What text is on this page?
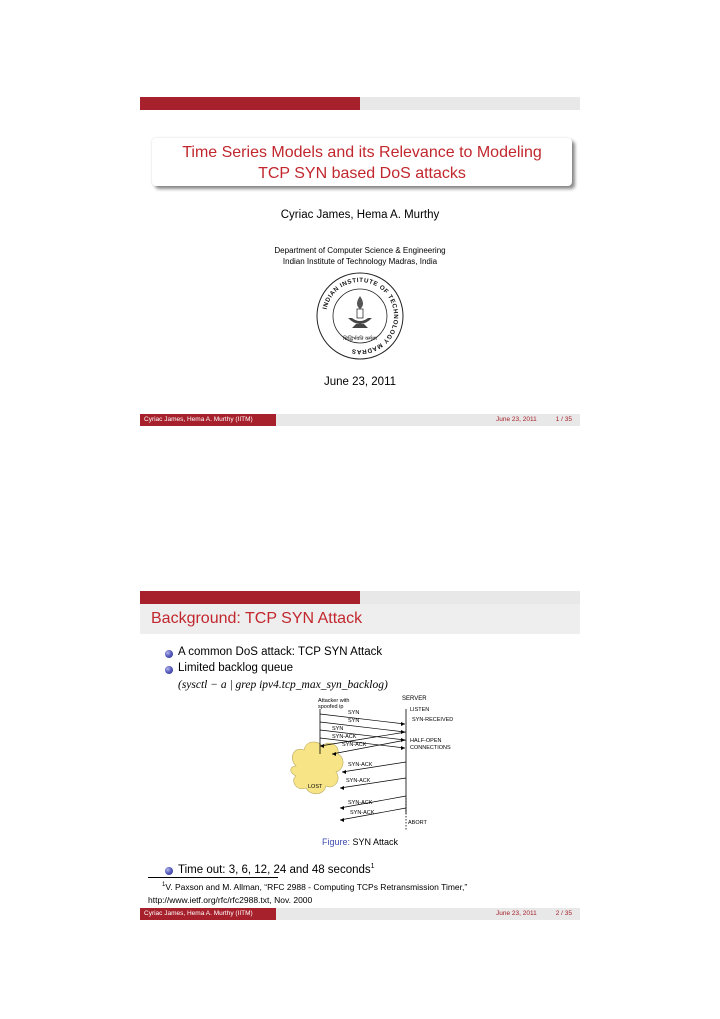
Time Series Models and its Relevance to Modeling
TCP SYN based DoS attacks
Cyriac James, Hema A. Murthy
Department of Computer Science & Engineering
Indian Institute of Technology Madras, India
INDIAN INSTITUTE OF TECHNOLOGY MADRAS
सिद्धिर्भवति कर्मजा
June 23, 2011
Cyriac James, Hema A. Murthy (IITM)	June 23, 2011	1 / 35
Background: TCP SYN Attack
A common DoS attack: TCP SYN Attack
Limited backlog queue
(sysctl − a | grep ipv4.tcp_max_syn_backlog)
Attacker with
spoofed ip
SERVER
LISTEN
SYN
SYN	SYN-RECEIVED
SYN
SYN-ACK
SYN-ACK
HALF-OPEN
CONNECTIONS
SYN-ACK
SYN-ACK
LOST
SYN-ACK
SYN-ACK
ABORT
Figure: SYN Attack
Time out: 3, 6, 12, 24 and 48 seconds$^1$
$^1$V. Paxson and M. Allman, “RFC 2988 - Computing TCPs Retransmission Timer,”
http://www.ietf.org/rfc/rfc2988.txt, Nov. 2000
Cyriac James, Hema A. Murthy (IITM)	June 23, 2011	2 / 35
